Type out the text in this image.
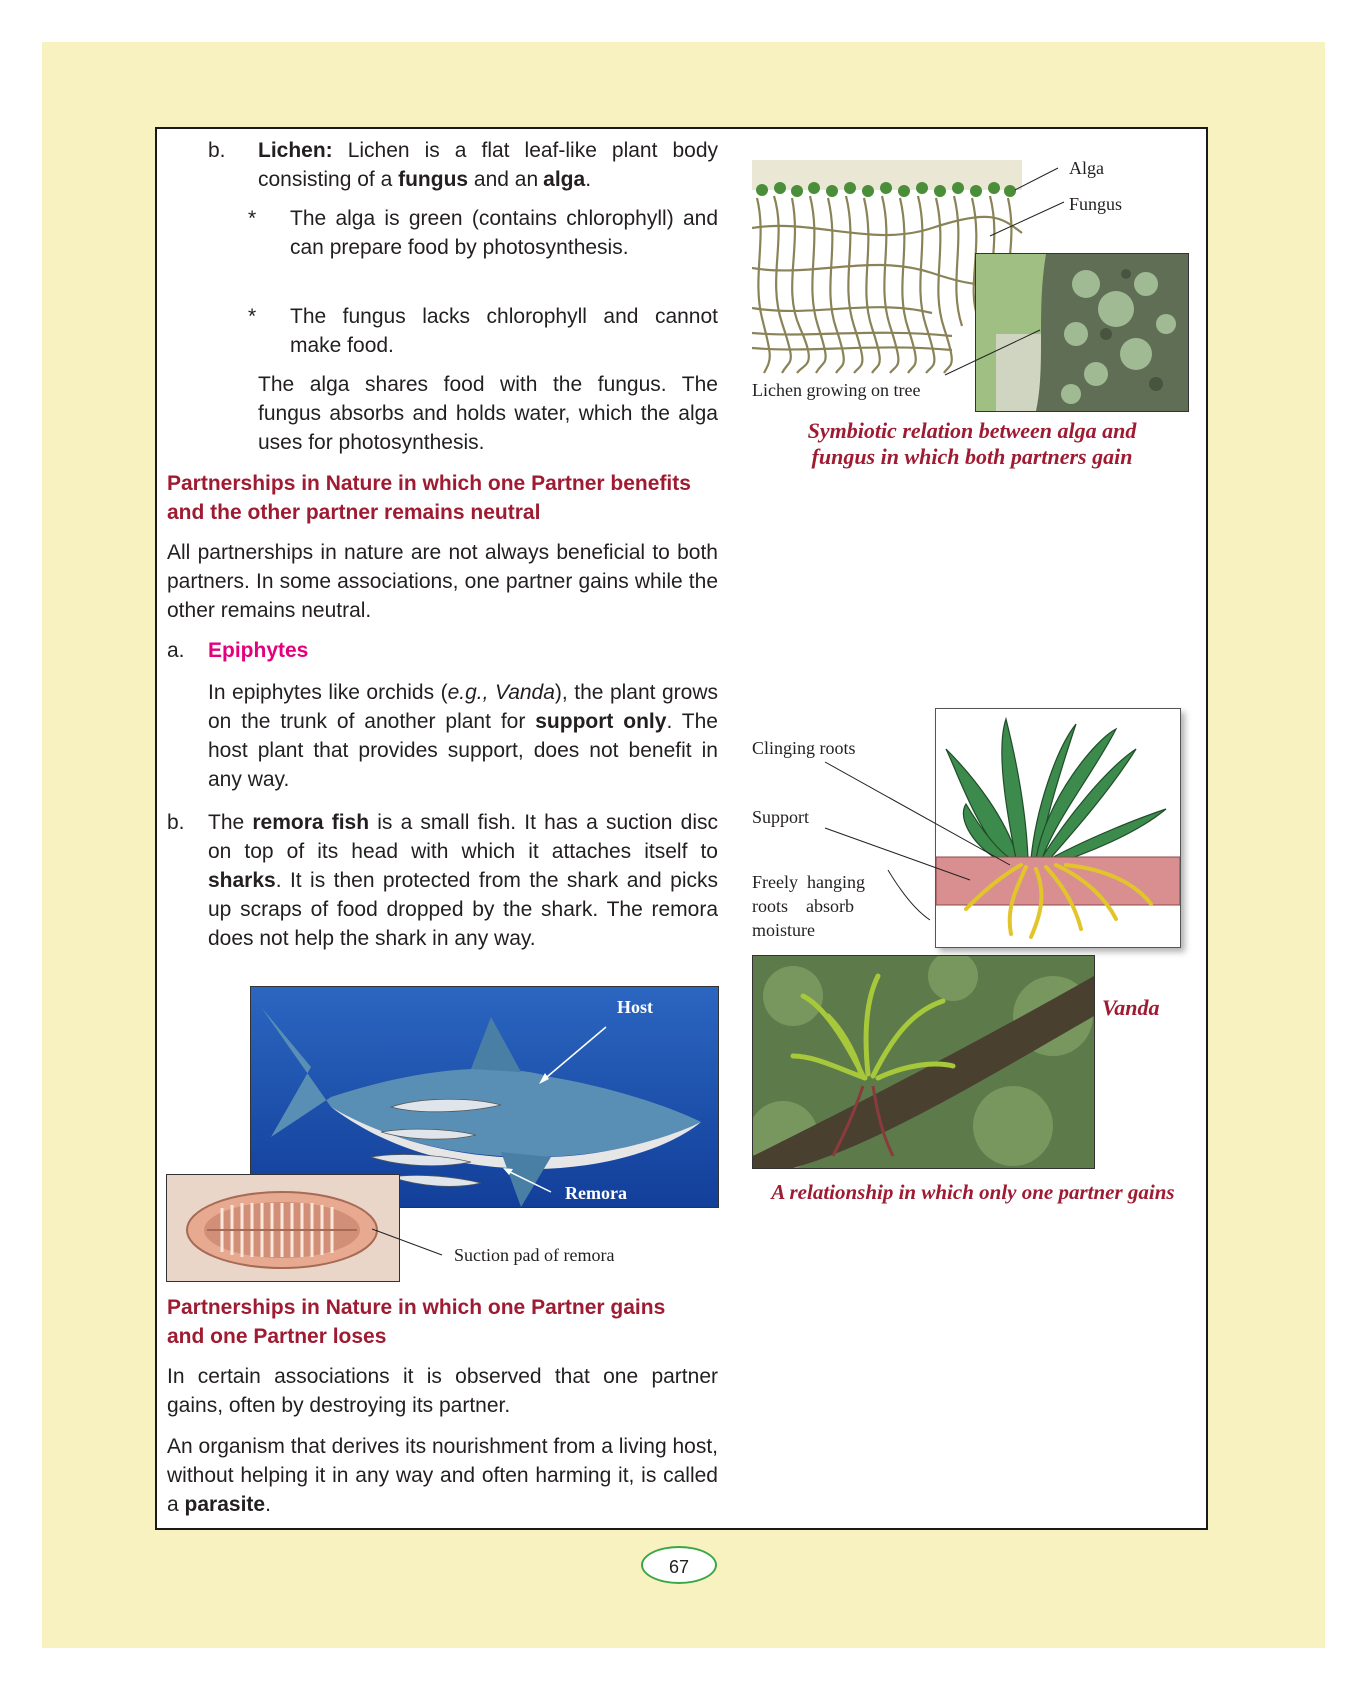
b. Lichen: Lichen is a flat leaf-like plant body consisting of a fungus and an alga.
* The alga is green (contains chlorophyll) and can prepare food by photosynthesis.
* The fungus lacks chlorophyll and cannot make food.
The alga shares food with the fungus. The fungus absorbs and holds water, which the alga uses for photosynthesis.
Alga
Fungus
Lichen growing on tree
Symbiotic relation between alga and
fungus in which both partners gain
Partnerships in Nature in which one Partner benefits
and the other partner remains neutral
All partnerships in nature are not always beneficial to both partners. In some associations, one partner gains while the other remains neutral.
a. Epiphytes
In epiphytes like orchids (e.g., Vanda), the plant grows on the trunk of another plant for support only. The host plant that provides support, does not benefit in any way.
b. The remora fish is a small fish. It has a suction disc on top of its head with which it attaches itself to sharks. It is then protected from the shark and picks up scraps of food dropped by the shark. The remora does not help the shark in any way.
Clinging roots
Support
Freely  hanging
roots    absorb
moisture
Vanda
A relationship in which only one partner gains
Host
Remora
Suction pad of remora
Partnerships in Nature in which one Partner gains
and one Partner loses
In certain associations it is observed that one partner gains, often by destroying its partner.
An organism that derives its nourishment from a living host, without helping it in any way and often harming it, is called a parasite.
67
